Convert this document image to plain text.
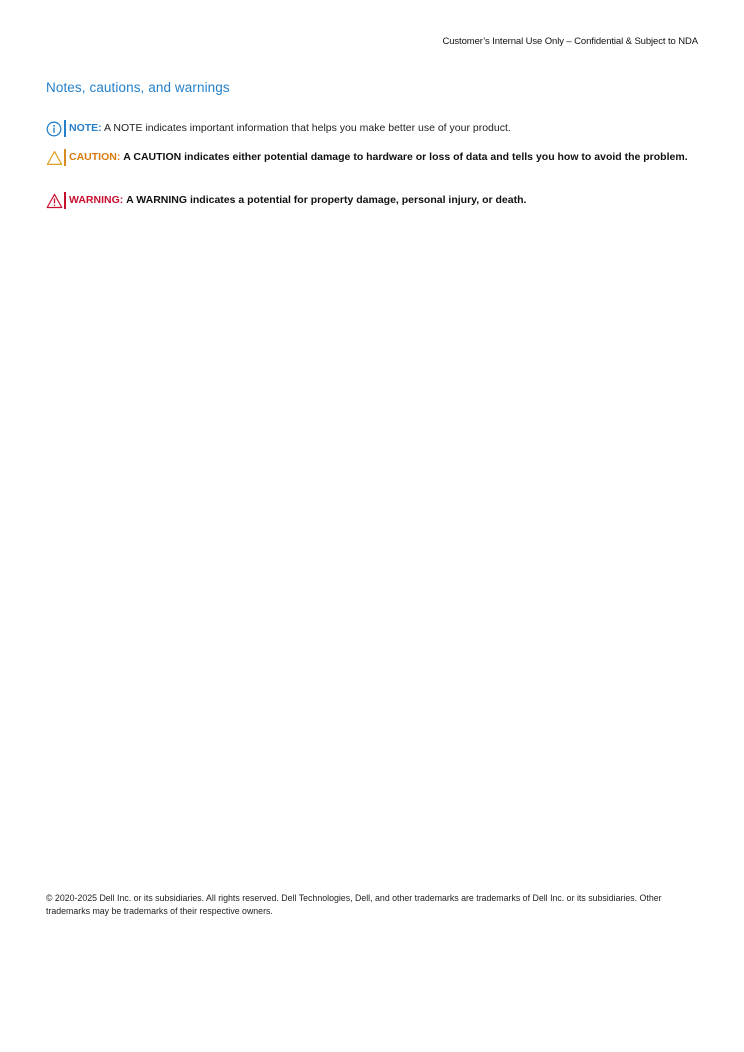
Customer’s Internal Use Only – Confidential & Subject to NDA
Notes, cautions, and warnings
NOTE: A NOTE indicates important information that helps you make better use of your product.
CAUTION: A CAUTION indicates either potential damage to hardware or loss of data and tells you how to avoid the problem.
WARNING: A WARNING indicates a potential for property damage, personal injury, or death.
© 2020-2025 Dell Inc. or its subsidiaries. All rights reserved. Dell Technologies, Dell, and other trademarks are trademarks of Dell Inc. or its subsidiaries. Other trademarks may be trademarks of their respective owners.
